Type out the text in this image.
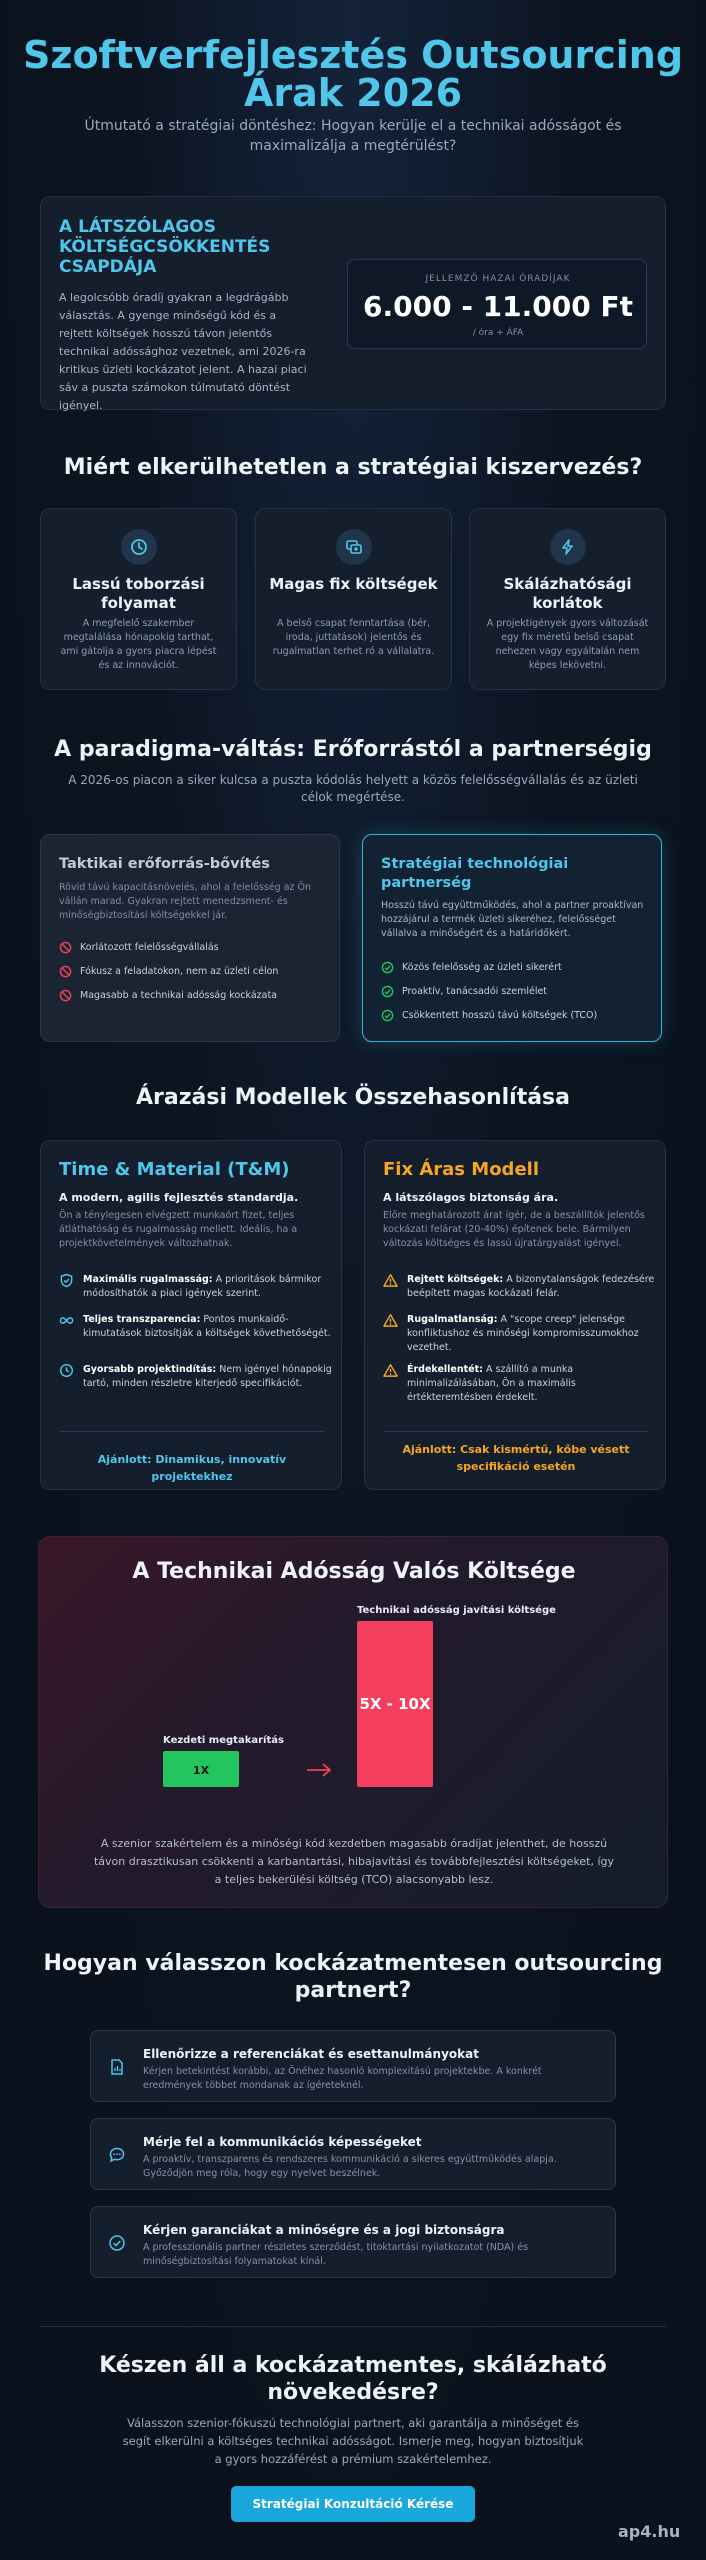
Szoftverfejlesztés Outsourcing Árak 2026

Útmutató a stratégiai döntéshez: Hogyan kerülje el a technikai adósságot és maximalizálja a megtérülést?

A LÁTSZÓLAGOS KÖLTSÉGCSÖKKENTÉS CSAPDÁJA

A legolcsóbb óradíj gyakran a legdrágább választás. A gyenge minőségű kód és a rejtett költségek hosszú távon jelentős technikai adóssághoz vezetnek, ami 2026-ra kritikus üzleti kockázatot jelent. A hazai piaci sáv a puszta számokon túlmutató döntést igényel.

JELLEMZŐ HAZAI ÓRADÍJAK
6.000 - 11.000 Ft
/ óra + ÁFA
Miért elkerülhetetlen a stratégiai kiszervezés?
Lassú toborzási folyamat
A megfelelő szakember megtalálása hónapokig tarthat, ami gátolja a gyors piacra lépést és az innovációt.
Magas fix költségek
A belső csapat fenntartása (bér, iroda, juttatások) jelentős és rugalmatlan terhet ró a vállalatra.
Skálázhatósági korlátok
A projektigények gyors változását egy fix méretű belső csapat nehezen vagy egyáltalán nem képes lekövetni.
A paradigma-váltás: Erőforrástól a partnerségig

A 2026-os piacon a siker kulcsa a puszta kódolás helyett a közös felelősségvállalás és az üzleti célok megértése.

Taktikai erőforrás-bővítés
Rövid távú kapacitásnövelés, ahol a felelősség az Ön vállán marad. Gyakran rejtett menedzsment- és minőségbiztosítási költségekkel jár.
Korlátozott felelősségvállalás
Fókusz a feladatokon, nem az üzleti célon
Magasabb a technikai adósság kockázata
Stratégiai technológiai partnerség
Hosszú távú együttműködés, ahol a partner proaktívan hozzájárul a termék üzleti sikeréhez, felelősséget vállalva a minőségért és a határidőkért.
Közös felelősség az üzleti sikerért
Proaktív, tanácsadói szemlélet
Csökkentett hosszú távú költségek (TCO)
Árazási Modellek Összehasonlítása
Time & Material (T&M)
A modern, agilis fejlesztés standardja.
Ön a ténylegesen elvégzett munkaórt fizet, teljes átláthatóság és rugalmasság mellett. Ideális, ha a projektkövetelmények változhatnak.
Maximális rugalmasság: A prioritások bármikor módosíthatók a piaci igények szerint.
Teljes transzparencia: Pontos munkaidő-kimutatások biztosítják a költségek követhetőségét.
Gyorsabb projektindítás: Nem igényel hónapokig tartó, minden részletre kiterjedő specifikációt.
Ajánlott: Dinamikus, innovatív projektekhez
Fix Áras Modell
A látszólagos biztonság ára.
Előre meghatározott árat ígér, de a beszállítók jelentős kockázati felárat (20-40%) építenek bele. Bármilyen változás költséges és lassú újratárgyalást igényel.
Rejtett költségek: A bizonytalanságok fedezésére beépített magas kockázati felár.
Rugalmatlanság: A "scope creep" jelensége konfliktushoz és minőségi kompromisszumokhoz vezethet.
Érdekellentét: A szállító a munka minimalizálásában, Ön a maximális értékteremtésben érdekelt.
Ajánlott: Csak kismértű, kőbe vésett specifikáció esetén
A Technikai Adósság Valós Költsége
Kezdeti megtakarítás
Technikai adósság javítási költsége
1X
5X - 10X

A szenior szakértelem és a minőségi kód kezdetben magasabb óradíjat jelenthet, de hosszú távon drasztikusan csökkenti a karbantartási, hibajavítási és továbbfejlesztési költségeket, így a teljes bekerülési költség (TCO) alacsonyabb lesz.

Hogyan válasszon kockázatmentesen outsourcing partnert?
Ellenőrizze a referenciákat és esettanulmányokat
Kérjen betekintést korábbi, az Önéhez hasonló komplexitású projektekbe. A konkrét eredmények többet mondanak az ígéreteknél.
Mérje fel a kommunikációs képességeket
A proaktív, transzparens és rendszeres kommunikáció a sikeres együttműködés alapja. Győződjön meg róla, hogy egy nyelvet beszélnek.
Kérjen garanciákat a minőségre és a jogi biztonságra
A professzionális partner részletes szerződést, titoktartási nyilatkozatot (NDA) és minőségbiztosítási folyamatokat kínál.
Készen áll a kockázatmentes, skálázható növekedésre?

Válasszon szenior-fókuszú technológiai partnert, aki garantálja a minőséget és segít elkerülni a költséges technikai adósságot. Ismerje meg, hogyan biztosítjuk a gyors hozzáférést a prémium szakértelemhez.

Stratégiai Konzultáció Kérése
ap4.hu
